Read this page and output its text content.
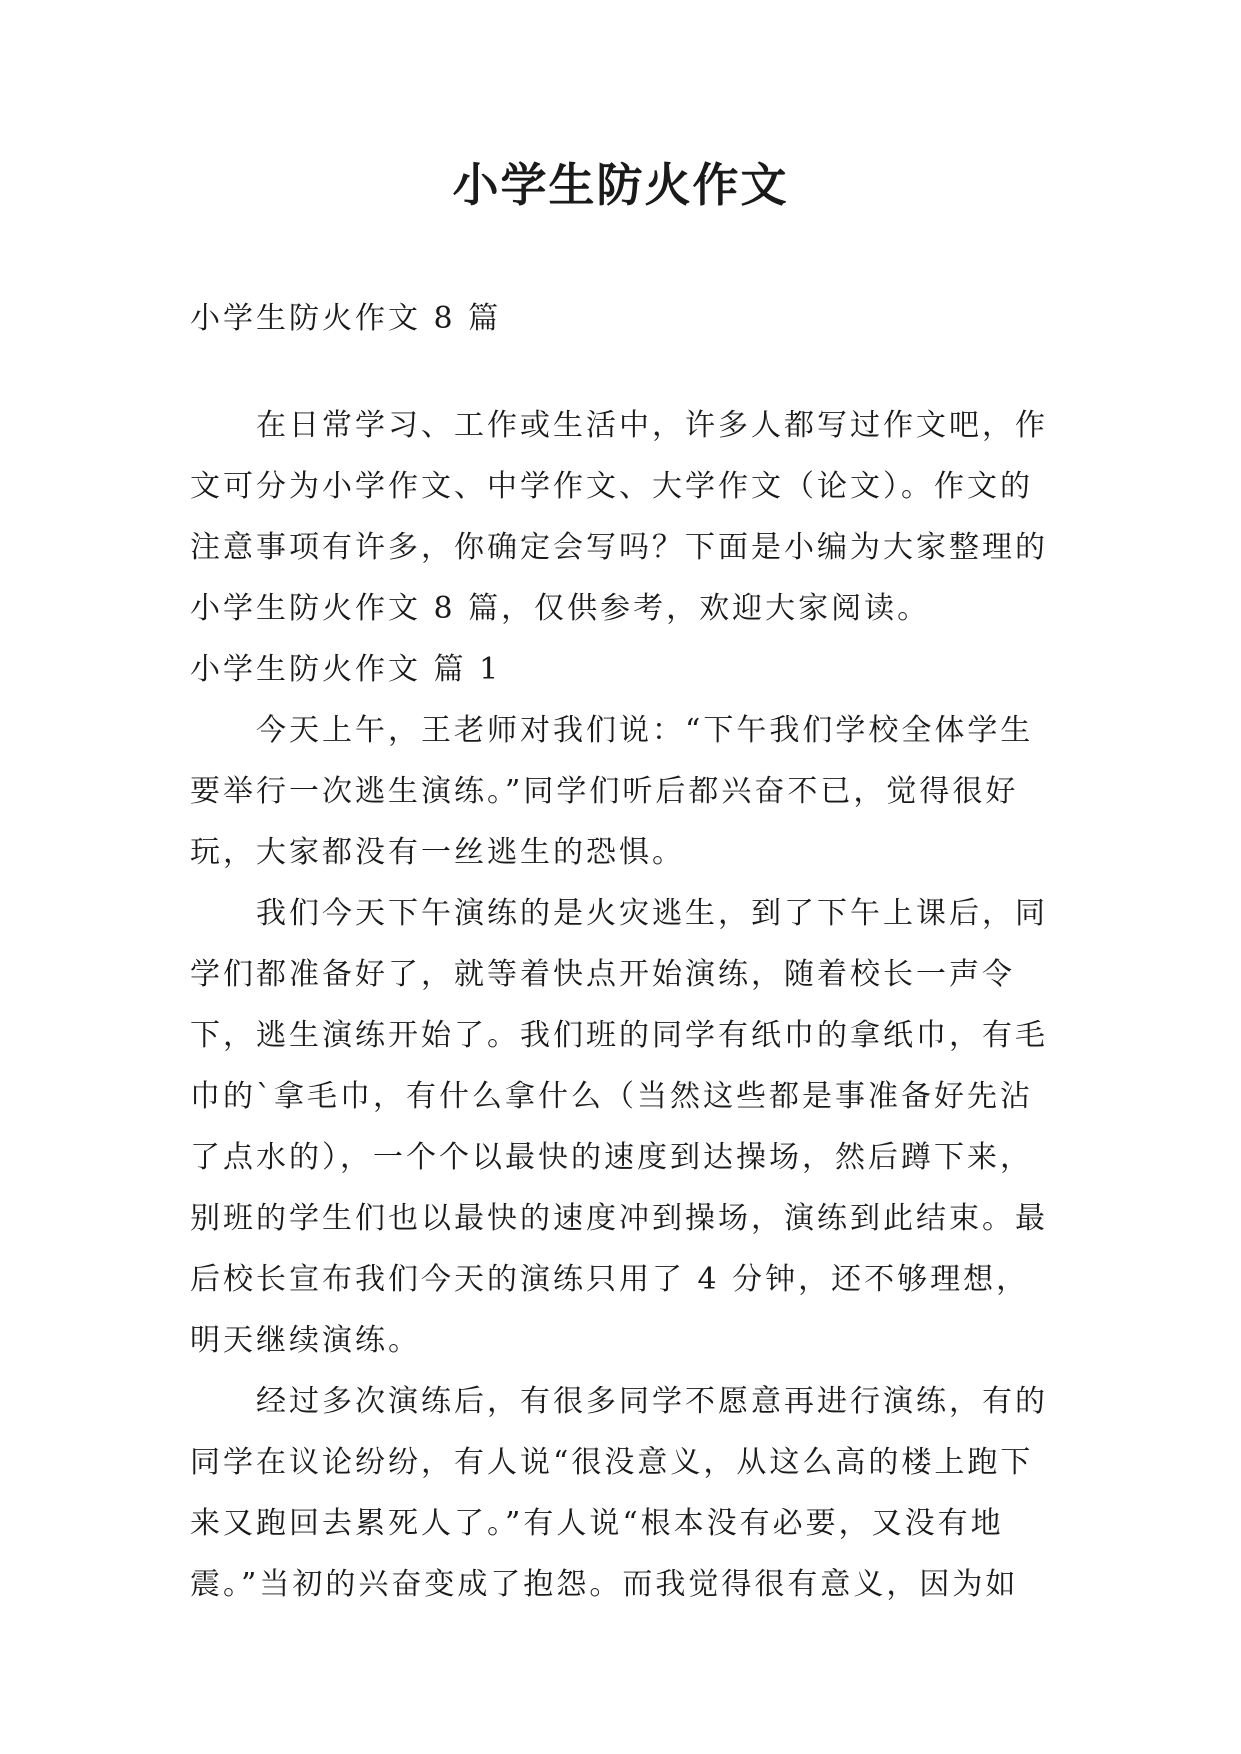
小学生防火作文
小学生防火作文 8 篇

在日常学习、工作或生活中，许多人都写过作文吧，作文可分为小学作文、中学作文、大学作文（论文）。作文的注意事项有许多，你确定会写吗？下面是小编为大家整理的小学生防火作文 8 篇，仅供参考，欢迎大家阅读。

小学生防火作文 篇 1

今天上午，王老师对我们说：“下午我们学校全体学生要举行一次逃生演练。”同学们听后都兴奋不已，觉得很好玩，大家都没有一丝逃生的恐惧。

我们今天下午演练的是火灾逃生，到了下午上课后，同学们都准备好了，就等着快点开始演练，随着校长一声令下，逃生演练开始了。我们班的同学有纸巾的拿纸巾，有毛巾的`拿毛巾，有什么拿什么（当然这些都是事准备好先沾了点水的），一个个以最快的速度到达操场，然后蹲下来，别班的学生们也以最快的速度冲到操场，演练到此结束。最后校长宣布我们今天的演练只用了 4 分钟，还不够理想，明天继续演练。

经过多次演练后，有很多同学不愿意再进行演练，有的同学在议论纷纷，有人说“很没意义，从这么高的楼上跑下来又跑回去累死人了。”有人说“根本没有必要，又没有地震。”当初的兴奋变成了抱怨。而我觉得很有意义，因为如
